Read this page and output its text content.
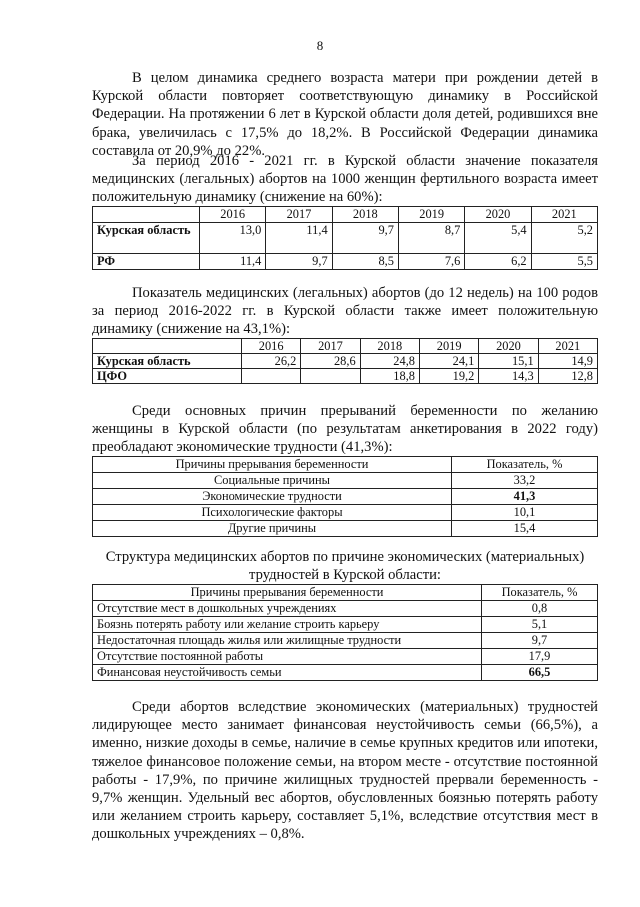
8

В целом динамика среднего возраста матери при рождении детей в Курской области повторяет соответствующую динамику в Российской Федерации. На протяжении 6 лет в Курской области доля детей, родившихся вне брака, увеличилась с 17,5% до 18,2%. В Российской Федерации динамика составила от 20,9% до 22%.

За период 2016 - 2021 гг. в Курской области значение показателя медицинских (легальных) абортов на 1000 женщин фертильного возраста имеет положительную динамику (снижение на 60%):

	2016	2017	2018	2019	2020	2021
Курская область	13,0	11,4	9,7	8,7	5,4	5,2
РФ	11,4	9,7	8,5	7,6	6,2	5,5

Показатель медицинских (легальных) абортов (до 12 недель) на 100 родов за период 2016-2022 гг. в Курской области также имеет положительную динамику (снижение на 43,1%):

	2016	2017	2018	2019	2020	2021
Курская область	26,2	28,6	24,8	24,1	15,1	14,9
ЦФО			18,8	19,2	14,3	12,8

Среди основных причин прерываний беременности по желанию женщины в Курской области (по результатам анкетирования в 2022 году) преобладают экономические трудности (41,3%):

Причины прерывания беременности	Показатель, %
Социальные причины	33,2
Экономические трудности	41,3
Психологические факторы	10,1
Другие причины	15,4

Структура медицинских абортов по причине экономических (материальных) трудностей в Курской области:

Причины прерывания беременности	Показатель, %
Отсутствие мест в дошкольных учреждениях	0,8
Боязнь потерять работу или желание строить карьеру	5,1
Недостаточная площадь жилья или жилищные трудности	9,7
Отсутствие постоянной работы	17,9
Финансовая неустойчивость семьи	66,5

Среди абортов вследствие экономических (материальных) трудностей лидирующее место занимает финансовая неустойчивость семьи (66,5%), а именно, низкие доходы в семье, наличие в семье крупных кредитов или ипотеки, тяжелое финансовое положение семьи, на втором месте - отсутствие постоянной работы - 17,9%, по причине жилищных трудностей прервали беременность - 9,7% женщин. Удельный вес абортов, обусловленных боязнью потерять работу или желанием строить карьеру, составляет 5,1%, вследствие отсутствия мест в дошкольных учреждениях – 0,8%.
